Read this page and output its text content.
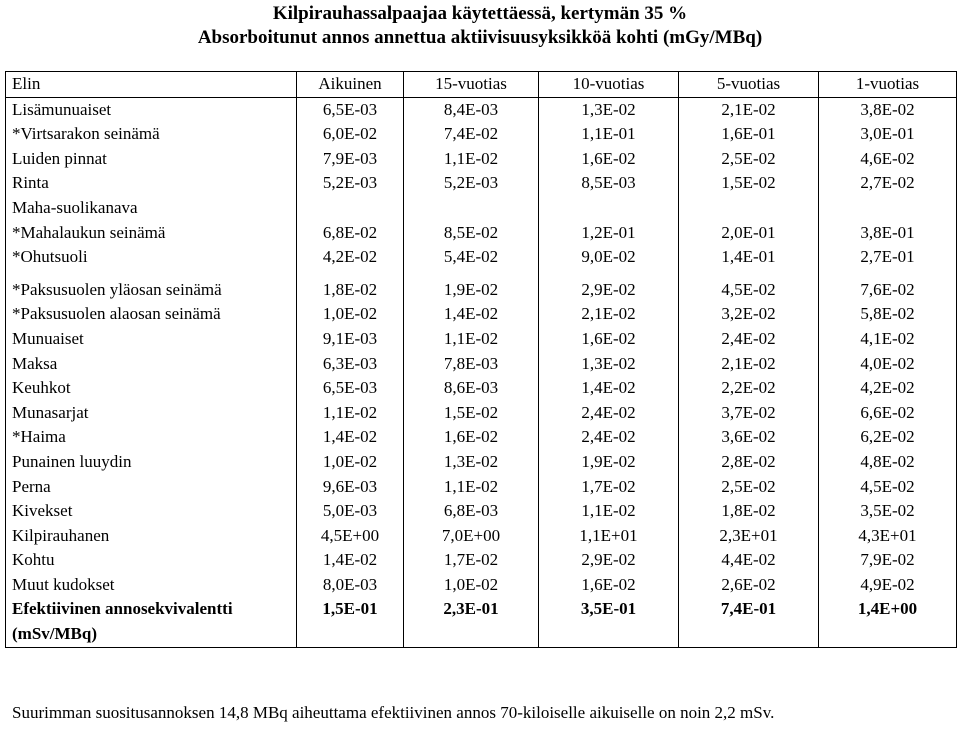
Kilpirauhassalpaajaa käytettäessä, kertymän 35 %
Absorboitunut annos annettua aktiivisuusyksikköä kohti (mGy/MBq)
Elin	Aikuinen	15-vuotias	10-vuotias	5-vuotias	1-vuotias
Lisämunuaiset	6,5E-03	8,4E-03	1,3E-02	2,1E-02	3,8E-02
*Virtsarakon seinämä	6,0E-02	7,4E-02	1,1E-01	1,6E-01	3,0E-01
Luiden pinnat	7,9E-03	1,1E-02	1,6E-02	2,5E-02	4,6E-02
Rinta	5,2E-03	5,2E-03	8,5E-03	1,5E-02	2,7E-02
Maha-suolikanava					
*Mahalaukun seinämä	6,8E-02	8,5E-02	1,2E-01	2,0E-01	3,8E-01
*Ohutsuoli	4,2E-02	5,4E-02	9,0E-02	1,4E-01	2,7E-01

*Paksusuolen yläosan seinämä	1,8E-02	1,9E-02	2,9E-02	4,5E-02	7,6E-02
*Paksusuolen alaosan seinämä	1,0E-02	1,4E-02	2,1E-02	3,2E-02	5,8E-02
Munuaiset	9,1E-03	1,1E-02	1,6E-02	2,4E-02	4,1E-02
Maksa	6,3E-03	7,8E-03	1,3E-02	2,1E-02	4,0E-02
Keuhkot	6,5E-03	8,6E-03	1,4E-02	2,2E-02	4,2E-02
Munasarjat	1,1E-02	1,5E-02	2,4E-02	3,7E-02	6,6E-02
*Haima	1,4E-02	1,6E-02	2,4E-02	3,6E-02	6,2E-02
Punainen luuydin	1,0E-02	1,3E-02	1,9E-02	2,8E-02	4,8E-02
Perna	9,6E-03	1,1E-02	1,7E-02	2,5E-02	4,5E-02
Kivekset	5,0E-03	6,8E-03	1,1E-02	1,8E-02	3,5E-02
Kilpirauhanen	4,5E+00	7,0E+00	1,1E+01	2,3E+01	4,3E+01
Kohtu	1,4E-02	1,7E-02	2,9E-02	4,4E-02	7,9E-02
Muut kudokset	8,0E-03	1,0E-02	1,6E-02	2,6E-02	4,9E-02
Efektiivinen annosekvivalentti (mSv/MBq)	1,5E-01	2,3E-01	3,5E-01	7,4E-01	1,4E+00
Suurimman suositusannoksen 14,8 MBq aiheuttama efektiivinen annos 70-kiloiselle aikuiselle on noin 2,2 mSv.
